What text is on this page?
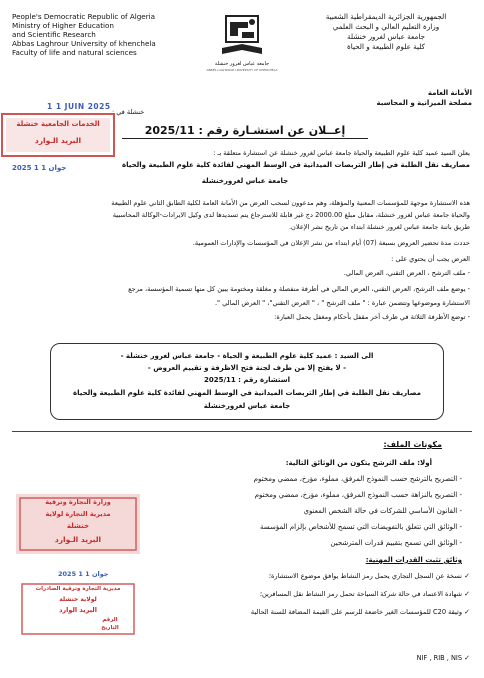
People's Democratic Republic of Algeria
Ministry of Higher Education
and Scientific Research
Abbas Laghrour University of khenchela
Faculty of life and natural sciences
جامعة عباس لغرور خنشلة
ABBES LAGHROUR UNIVERSITY OF KHENCHELA
الجمهورية الجزائرية الديمقراطية الشعبية
وزارة التعليم العالي و البحث العلمي
جامعة عباس لغرور خنشلة
كلية علوم الطبيعة و الحياة
الأمانة العامة
مصلحة الميزانية و المحاسبة
1 1 JUIN 2025
خنشلة في :
الخدمات الجامعية خنشلة
البريد الـوارد
2025 جوان 1 1
إعــلان عن استشـارة رقم : 2025/11
يعلن السيد عميد كلية علوم الطبيعة والحياة جامعة عباس لغرور خنشلة عن استشارة متعلقة بـ :
مصاريف نقل الطلبة في إطار التربصات الميدانية في الوسط المهني لفائدة كلية علوم الطبيعة والحياة
جامعة عباس لغرورخنشلة
هذه الاستشارة موجهة للمؤسسات المعنية والمؤهلة، وهم مدعوون لسحب العرض من الأمانة العامة لكلية الطابق الثاني علوم الطبيعة
والحياة جامعة عباس لغرور خنشلة، مقابل مبلغ 2000.00 دج غير قابلة للاسترجاع يتم تسديدها لدى وكيل الايرادات-الوكالة المحاسبية
طريق باتنة جامعة عباس لغرور خنشلة ابتداء من تاريخ نشر الإعلان.
حددت مدة تحضير العروض بسبعة (07) أيام ابتداء من نشر الإعلان في المؤسسات والإدارات العمومية.
العرض يجب أن يحتوي على :
- ملف الترشح ، العرض التقني، العرض المالي.
- يوضع ملف الترشح، العرض التقني، العرض المالي في أظرفة منفصلة و مغلقة ومختومة يبين كل منها تسمية المؤسسة، مرجع
الاستشارة وموضوعها وتتضمن عبارة : " ملف الترشح " ، " العرض التقني"، " العرض المالي ".
- توضع الأظرفة الثلاثة في ظرف آخر مقفل بأحكام ومغفل يحمل العبارة:
الى السيد : عميد كلية علوم الطبيعة و الحياة - جامعة عباس لغرور خنشلة -
- لا يفتح إلا من طرف لجنة فتح الاظرفة و تقييم العروض -
استشارة رقم : 2025/11
مصاريف نقل الطلبة في إطار التربصات الميدانية في الوسط المهني لفائدة كلية علوم الطبيعة والحياة
جامعة عباس لغرورخنشلة
مكونات الملف:
أولا: ملف الترشح يتكون من الوثائق التالية:
- التصريح بالترشح حسب النموذج المرفق، مملوء، مؤرخ، ممضي ومختوم
- التصريح بالنزاهة حسب النموذج المرفق، مملوء، مؤرخ، ممضي ومختوم
- القانون الأساسي للشركات في حالة الشخص المعنوي
- الوثائق التي تتعلق بالتفويضات التي تسمح للأشخاص بإلزام المؤسسة
- الوثائق التي تسمح بتقييم قدرات المترشحين
وثائق تثبت القدرات المهنية:
✓ نسخة عن السجل التجاري يحمل رمز النشاط يوافق موضوع الاستشارة؛
✓ شهادة الاعتماد في حالة شركة السياحة تحمل رمز النشاط نقل المسافرين؛
✓ وثيقة C20 للمؤسسات الغير خاضعة للرسم على القيمة المضافة للسنة الحالية
✓ NIF , RIB , NIS
وزارة التجارة وترقية
مديرية التجارة لولاية
خنشلة
البريد الـوارد
2025 جوان 1 1
مديرية التجارة وترقية الصادرات
لولاية خنشلة
البريد الوارد
الرقم
التاريخ
